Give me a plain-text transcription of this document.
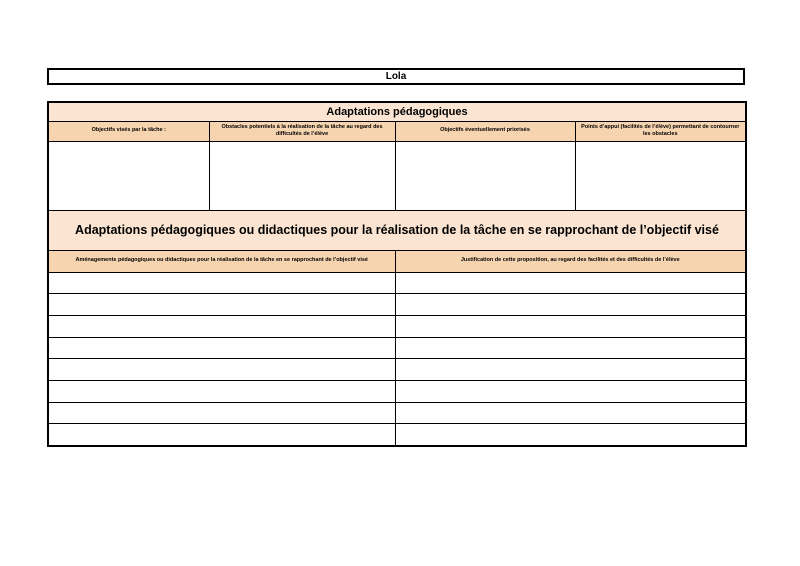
Lola
Adaptations pédagogiques			
Objectifs visés par la tâche :	Obstacles potentiels à la réalisation de la tâche au regard des difficultés de l’élève	Objectifs éventuellement priorisés	Points d’appui (facilités de l’élève) permettant de contourner les obstacles

Adaptations pédagogiques ou didactiques pour la réalisation de la tâche en se rapprochant de l’objectif visé			
Aménagements pédagogiques ou didactiques pour la réalisation de la tâche en se rapprochant de l’objectif visé		Justification de cette proposition, au regard des facilités et des difficultés de l’élève	
